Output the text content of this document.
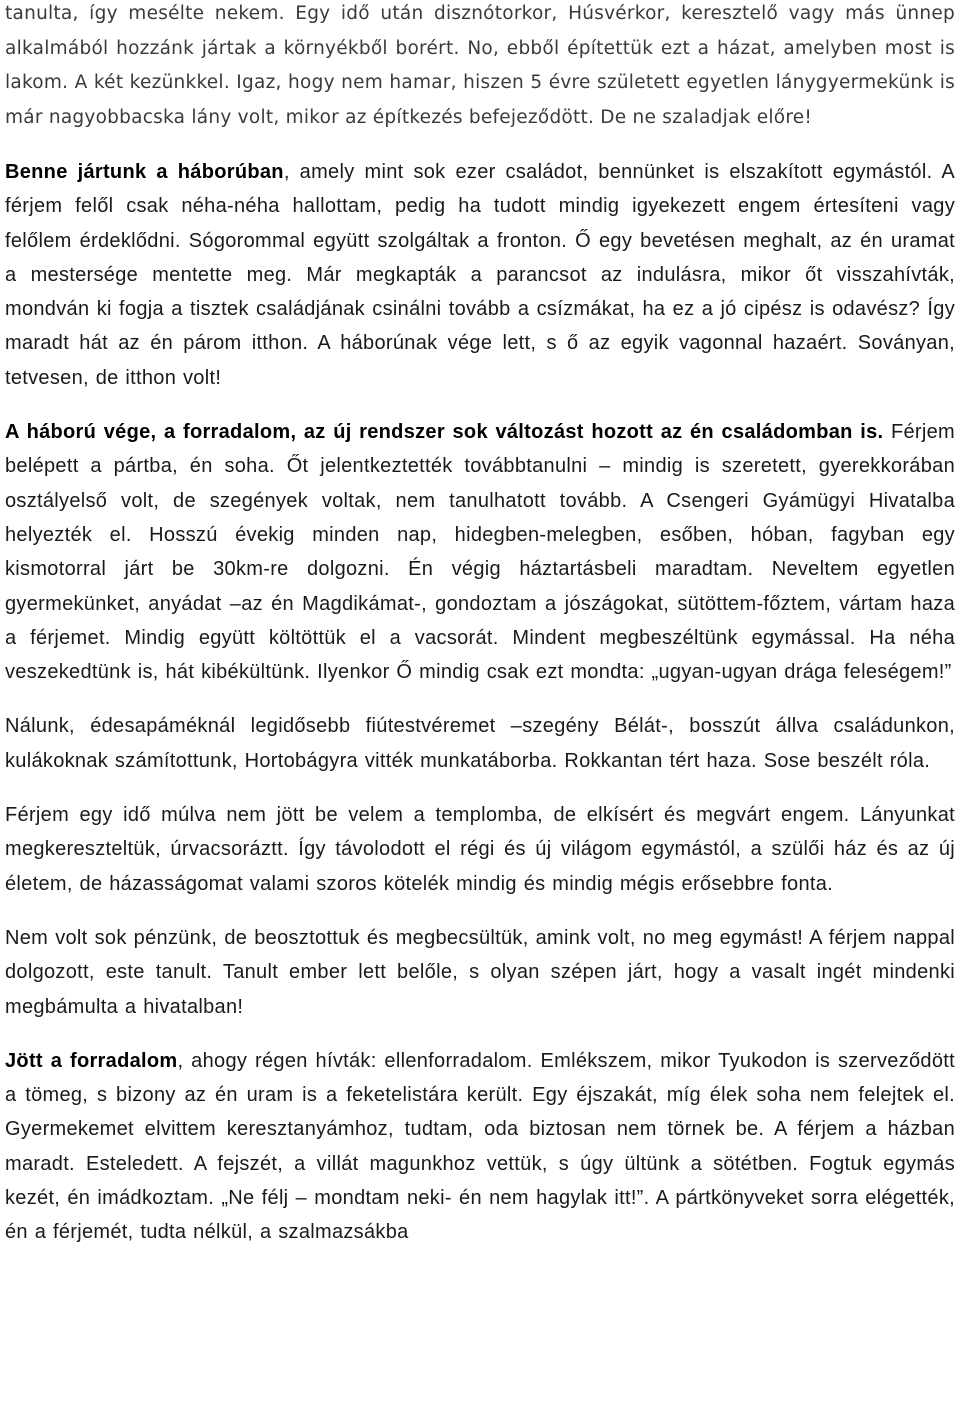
tanulta, így mesélte nekem. Egy idő után disznótorkor, Húsvérkor, keresztelő vagy más ünnep alkalmából hozzánk jártak a környékből borért. No, ebből építettük ezt a házat, amelyben most is lakom. A két kezünkkel. Igaz, hogy nem hamar, hiszen 5 évre született egyetlen lánygyermekünk is már nagyobbacska lány volt, mikor az építkezés befejeződött. De ne szaladjak előre!

Benne jártunk a háborúban, amely mint sok ezer családot, bennünket is elszakított egymástól. A férjem felől csak néha-néha hallottam, pedig ha tudott mindig igyekezett engem értesíteni vagy felőlem érdeklődni. Sógorommal együtt szolgáltak a fronton. Ő egy bevetésen meghalt, az én uramat a mestersége mentette meg. Már megkapták a parancsot az indulásra, mikor őt visszahívták, mondván ki fogja a tisztek családjának csinálni tovább a csízmákat, ha ez a jó cipész is odavész? Így maradt hát az én párom itthon. A háborúnak vége lett, s ő az egyik vagonnal hazaért. Soványan, tetvesen, de itthon volt!

A háború vége, a forradalom, az új rendszer sok változást hozott az én családomban is. Férjem belépett a pártba, én soha. Őt jelentkeztették továbbtanulni – mindig is szeretett, gyerekkorában osztályelső volt, de szegények voltak, nem tanulhatott tovább. A Csengeri Gyámügyi Hivatalba helyezték el. Hosszú évekig minden nap, hidegben-melegben, esőben, hóban, fagyban egy kismotorral járt be 30km-re dolgozni. Én végig háztartásbeli maradtam. Neveltem egyetlen gyermekünket, anyádat –az én Magdikámat-, gondoztam a jószágokat, sütöttem-főztem, vártam haza a férjemet. Mindig együtt költöttük el a vacsorát. Mindent megbeszéltünk egymással. Ha néha veszekedtünk is, hát kibékültünk. Ilyenkor Ő mindig csak ezt mondta: „ugyan-ugyan drága feleségem!”

Nálunk, édesapáméknál legidősebb fiútestvéremet –szegény Bélát-, bosszút állva családunkon, kulákoknak számítottunk, Hortobágyra vitték munkatáborba. Rokkantan tért haza. Sose beszélt róla.

Férjem egy idő múlva nem jött be velem a templomba, de elkísért és megvárt engem. Lányunkat megkereszteltük, úrvacsoráztt. Így távolodott el régi és új világom egymástól, a szülői ház és az új életem, de házasságomat valami szoros kötelék mindig és mindig mégis erősebbre fonta.

Nem volt sok pénzünk, de beosztottuk és megbecsültük, amink volt, no meg egymást! A férjem nappal dolgozott, este tanult. Tanult ember lett belőle, s olyan szépen járt, hogy a vasalt ingét mindenki megbámulta a hivatalban!

Jött a forradalom, ahogy régen hívták: ellenforradalom. Emlékszem, mikor Tyukodon is szerveződött a tömeg, s bizony az én uram is a feketelistára került. Egy éjszakát, míg élek soha nem felejtek el. Gyermekemet elvittem keresztanyámhoz, tudtam, oda biztosan nem törnek be. A férjem a házban maradt. Esteledett. A fejszét, a villát magunkhoz vettük, s úgy ültünk a sötétben. Fogtuk egymás kezét, én imádkoztam. „Ne félj – mondtam neki- én nem hagylak itt!”. A pártkönyveket sorra elégették, én a férjemét, tudta nélkül, a szalmazsákba
